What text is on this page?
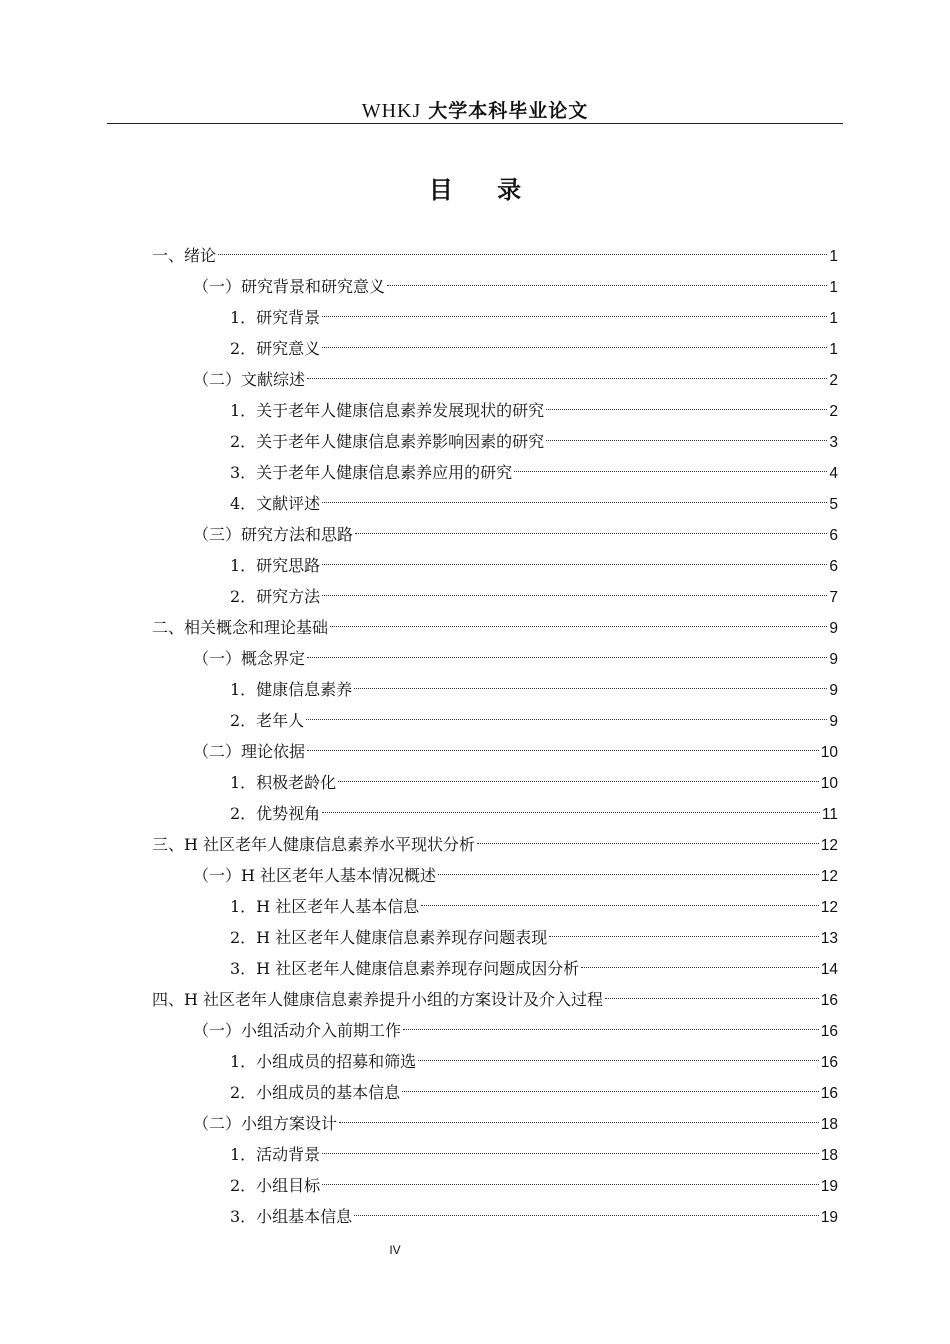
WHKJ 大学本科毕业论文
目 录
一、绪论	1
（一）研究背景和研究意义	1
1．研究背景	1
2．研究意义	1
（二）文献综述	2
1．关于老年人健康信息素养发展现状的研究	2
2．关于老年人健康信息素养影响因素的研究	3
3．关于老年人健康信息素养应用的研究	4
4．文献评述	5
（三）研究方法和思路	6
1．研究思路	6
2．研究方法	7
二、相关概念和理论基础	9
（一）概念界定	9
1．健康信息素养	9
2．老年人	9
（二）理论依据	10
1．积极老龄化	10
2．优势视角	11
三、H 社区老年人健康信息素养水平现状分析	12
（一）H 社区老年人基本情况概述	12
1．H 社区老年人基本信息	12
2．H 社区老年人健康信息素养现存问题表现	13
3．H 社区老年人健康信息素养现存问题成因分析	14
四、H 社区老年人健康信息素养提升小组的方案设计及介入过程	16
（一）小组活动介入前期工作	16
1．小组成员的招募和筛选	16
2．小组成员的基本信息	16
（二）小组方案设计	18
1．活动背景	18
2．小组目标	19
3．小组基本信息	19
IV
